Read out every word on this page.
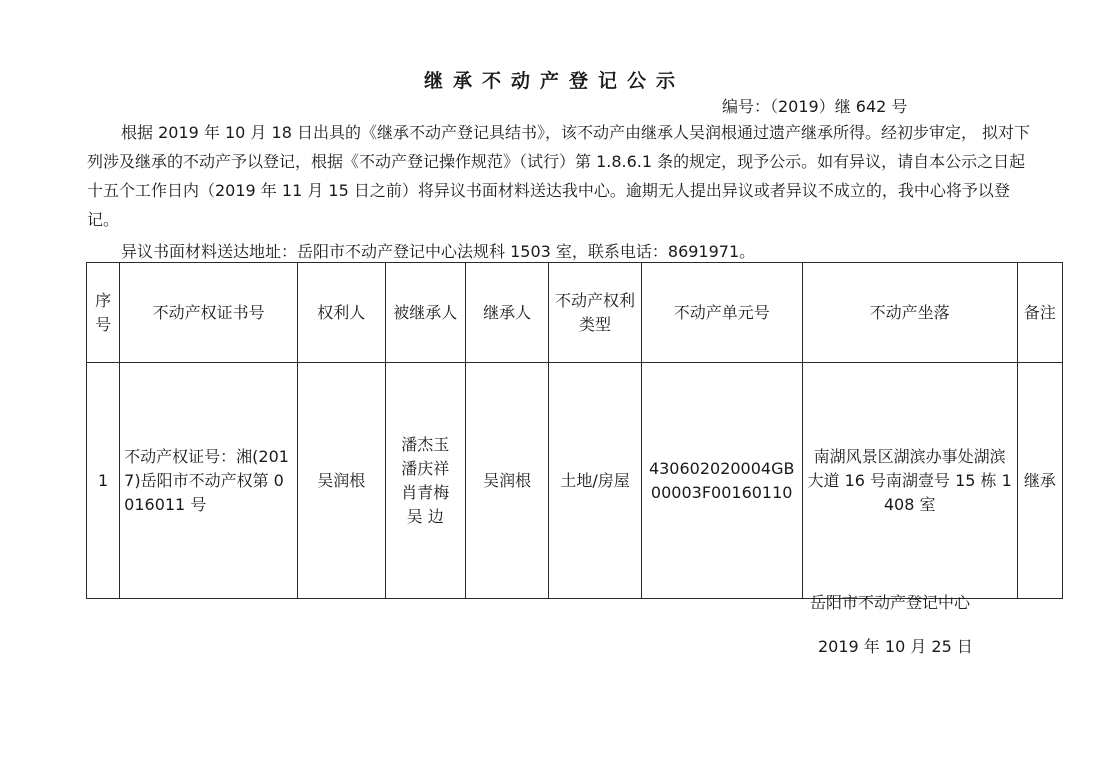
继承不动产登记公示
编号：（2019）继 642 号

根据 2019 年 10 月 18 日出具的《继承不动产登记具结书》，该不动产由继承人吴润根通过遗产继承所得。经初步审定， 拟对下列涉及继承的不动产予以登记，根据《不动产登记操作规范》（试行）第 1.8.6.1 条的规定，现予公示。如有异议，请自本公示之日起十五个工作日内（2019 年 11 月 15 日之前）将异议书面材料送达我中心。逾期无人提出异议或者异议不成立的，我中心将予以登记。

异议书面材料送达地址：岳阳市不动产登记中心法规科 1503 室，联系电话：8691971。
序号	不动产权证书号	权利人	被继承人	继承人	不动产权利类型	不动产单元号	不动产坐落	备注
1	不动产权证号：湘(2017)岳阳市不动产权第 0016011 号	吴润根	潘杰玉
潘庆祥
肖青梅
吴 边	吴润根	土地/房屋	430602020004GB00003F00160110	南湖风景区湖滨办事处湖滨大道 16 号南湖壹号 15 栋 1408 室	继承
岳阳市不动产登记中心
2019 年 10 月 25 日
